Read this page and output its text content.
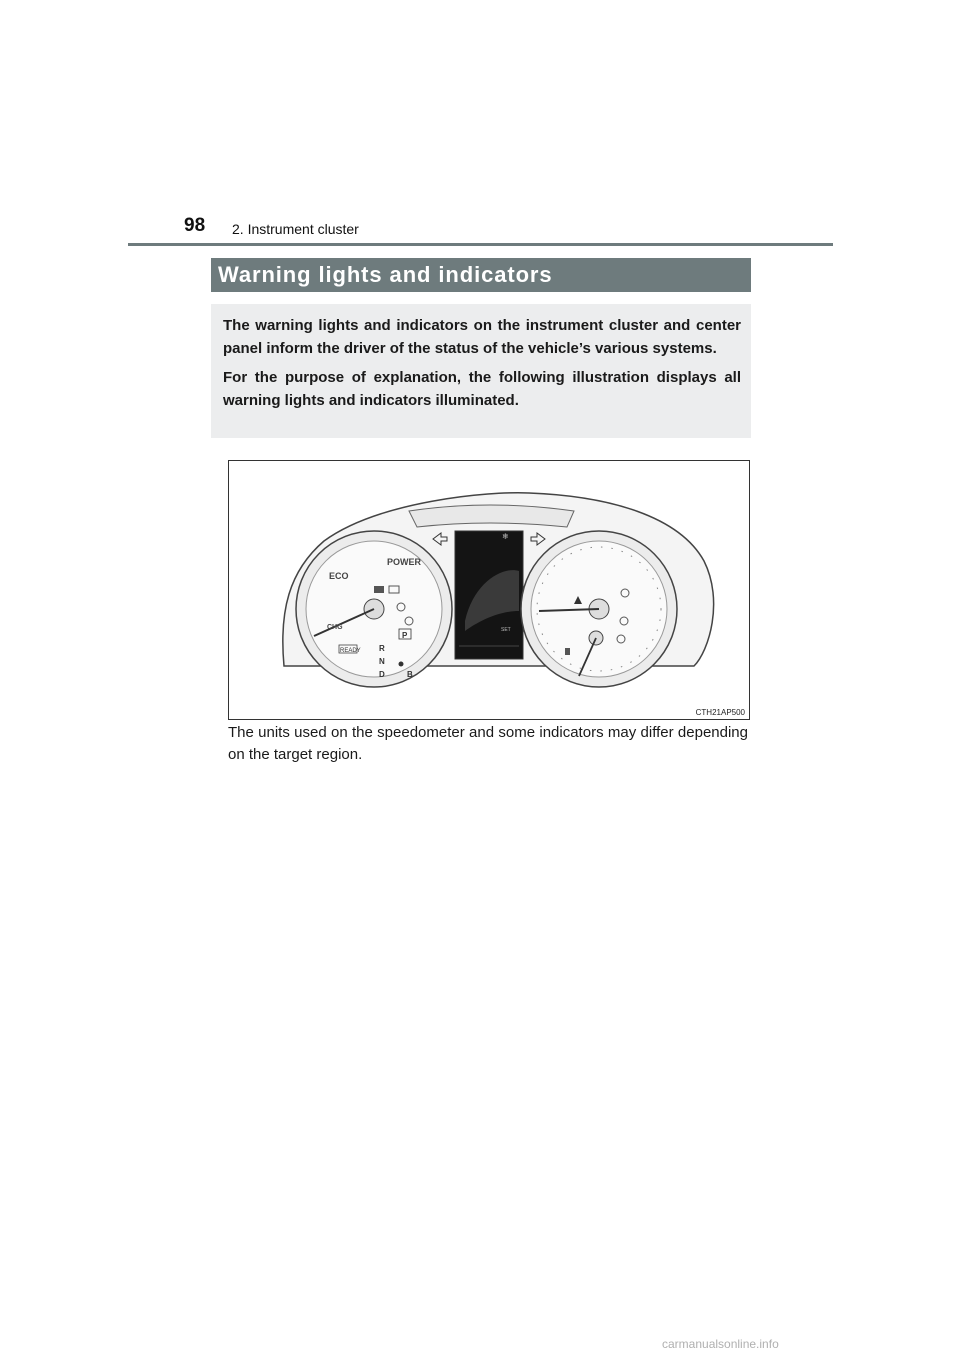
98 2. Instrument cluster
Warning lights and indicators

The warning lights and indicators on the instrument cluster and center panel inform the driver of the status of the vehicle’s various systems.

For the purpose of explanation, the following illustration displays all warning lights and indicators illuminated.

ECO
POWER
CHG
READY R
N
D	B
P
❄
SET
CTH21AP500
The units used on the speedometer and some indicators may differ depending on the target region.
carmanualsonline.info
